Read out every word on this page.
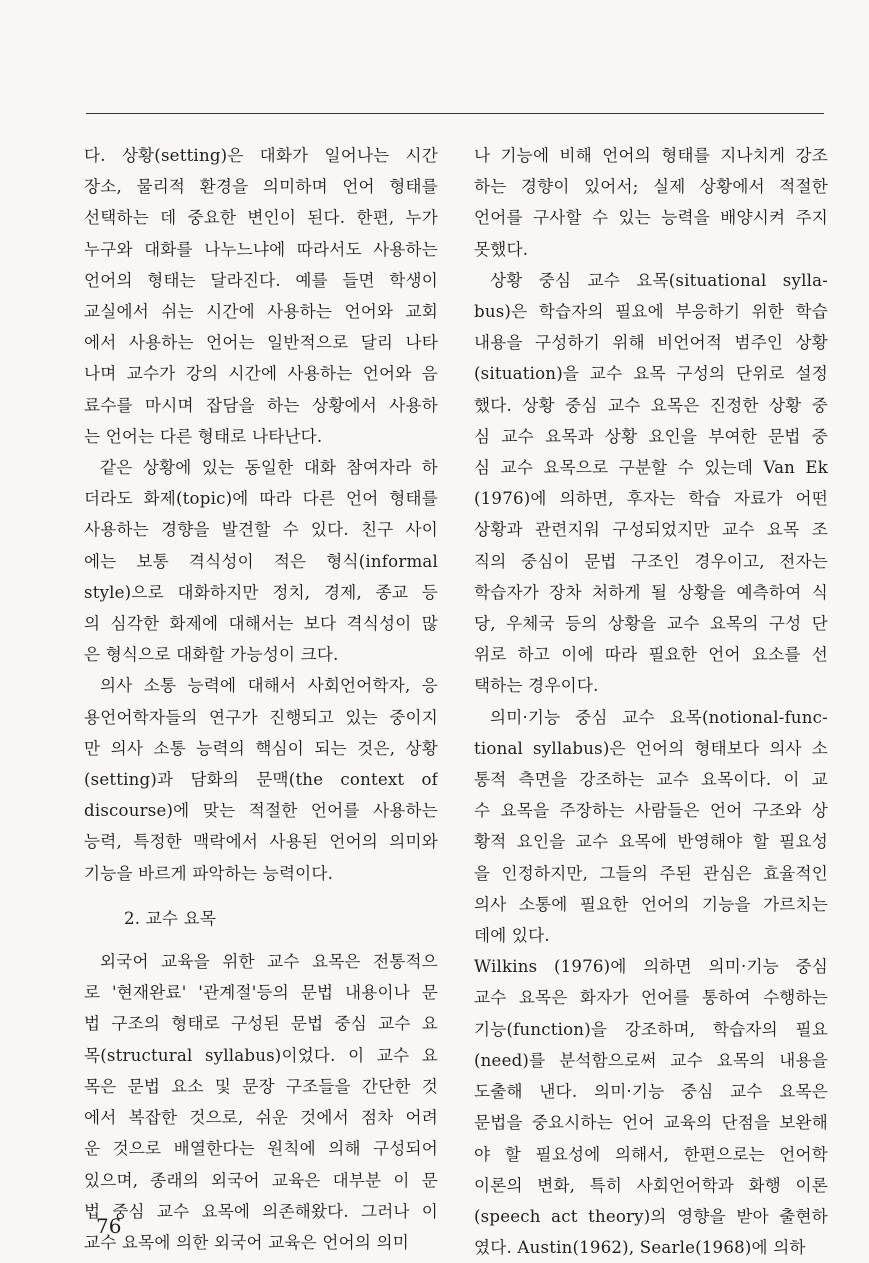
다. 상황(setting)은 대화가 일어나는 시간
장소, 물리적 환경을 의미하며 언어 형태를
선택하는 데 중요한 변인이 된다. 한편, 누가
누구와 대화를 나누느냐에 따라서도 사용하는
언어의 형태는 달라진다. 예를 들면 학생이
교실에서 쉬는 시간에 사용하는 언어와 교회
에서 사용하는 언어는 일반적으로 달리 나타
나며 교수가 강의 시간에 사용하는 언어와 음
료수를 마시며 잡담을 하는 상황에서 사용하
는 언어는 다른 형태로 나타난다.
같은 상황에 있는 동일한 대화 참여자라 하
더라도 화제(topic)에 따라 다른 언어 형태를
사용하는 경향을 발견할 수 있다. 친구 사이
에는 보통 격식성이 적은 형식(informal
style)으로 대화하지만 정치, 경제, 종교 등
의 심각한 화제에 대해서는 보다 격식성이 많
은 형식으로 대화할 가능성이 크다.
의사 소통 능력에 대해서 사회언어학자, 응
용언어학자들의 연구가 진행되고 있는 중이지
만 의사 소통 능력의 핵심이 되는 것은, 상황
(setting)과 담화의 문맥(the context of
discourse)에 맞는 적절한 언어를 사용하는
능력, 특정한 맥락에서 사용된 언어의 의미와
기능을 바르게 파악하는 능력이다.
2. 교수 요목
외국어 교육을 위한 교수 요목은 전통적으
로 '현재완료' '관계절'등의 문법 내용이나 문
법 구조의 형태로 구성된 문법 중심 교수 요
목(structural syllabus)이었다. 이 교수 요
목은 문법 요소 및 문장 구조들을 간단한 것
에서 복잡한 것으로, 쉬운 것에서 점차 어려
운 것으로 배열한다는 원칙에 의해 구성되어
있으며, 종래의 외국어 교육은 대부분 이 문
법 중심 교수 요목에 의존해왔다. 그러나 이
교수 요목에 의한 외국어 교육은 언어의 의미
나 기능에 비해 언어의 형태를 지나치게 강조
하는 경향이 있어서; 실제 상황에서 적절한
언어를 구사할 수 있는 능력을 배양시켜 주지
못했다.
상황 중심 교수 요목(situational sylla-
bus)은 학습자의 필요에 부응하기 위한 학습
내용을 구성하기 위해 비언어적 범주인 상황
(situation)을 교수 요목 구성의 단위로 설정
했다. 상황 중심 교수 요목은 진정한 상황 중
심 교수 요목과 상황 요인을 부여한 문법 중
심 교수 요목으로 구분할 수 있는데 Van Ek
(1976)에 의하면, 후자는 학습 자료가 어떤
상황과 관련지워 구성되었지만 교수 요목 조
직의 중심이 문법 구조인 경우이고, 전자는
학습자가 장차 처하게 될 상황을 예측하여 식
당, 우체국 등의 상황을 교수 요목의 구성 단
위로 하고 이에 따라 필요한 언어 요소를 선
택하는 경우이다.
의미·기능 중심 교수 요목(notional-func-
tional syllabus)은 언어의 형태보다 의사 소
통적 측면을 강조하는 교수 요목이다. 이 교
수 요목을 주장하는 사람들은 언어 구조와 상
황적 요인을 교수 요목에 반영해야 할 필요성
을 인정하지만, 그들의 주된 관심은 효율적인
의사 소통에 필요한 언어의 기능을 가르치는
데에 있다.
Wilkins (1976)에 의하면 의미·기능 중심
교수 요목은 화자가 언어를 통하여 수행하는
기능(function)을 강조하며, 학습자의 필요
(need)를 분석함으로써 교수 요목의 내용을
도출해 낸다. 의미·기능 중심 교수 요목은
문법을 중요시하는 언어 교육의 단점을 보완해
야 할 필요성에 의해서, 한편으로는 언어학
이론의 변화, 특히 사회언어학과 화행 이론
(speech act theory)의 영향을 받아 출현하
였다. Austin(1962), Searle(1968)에 의하
76
